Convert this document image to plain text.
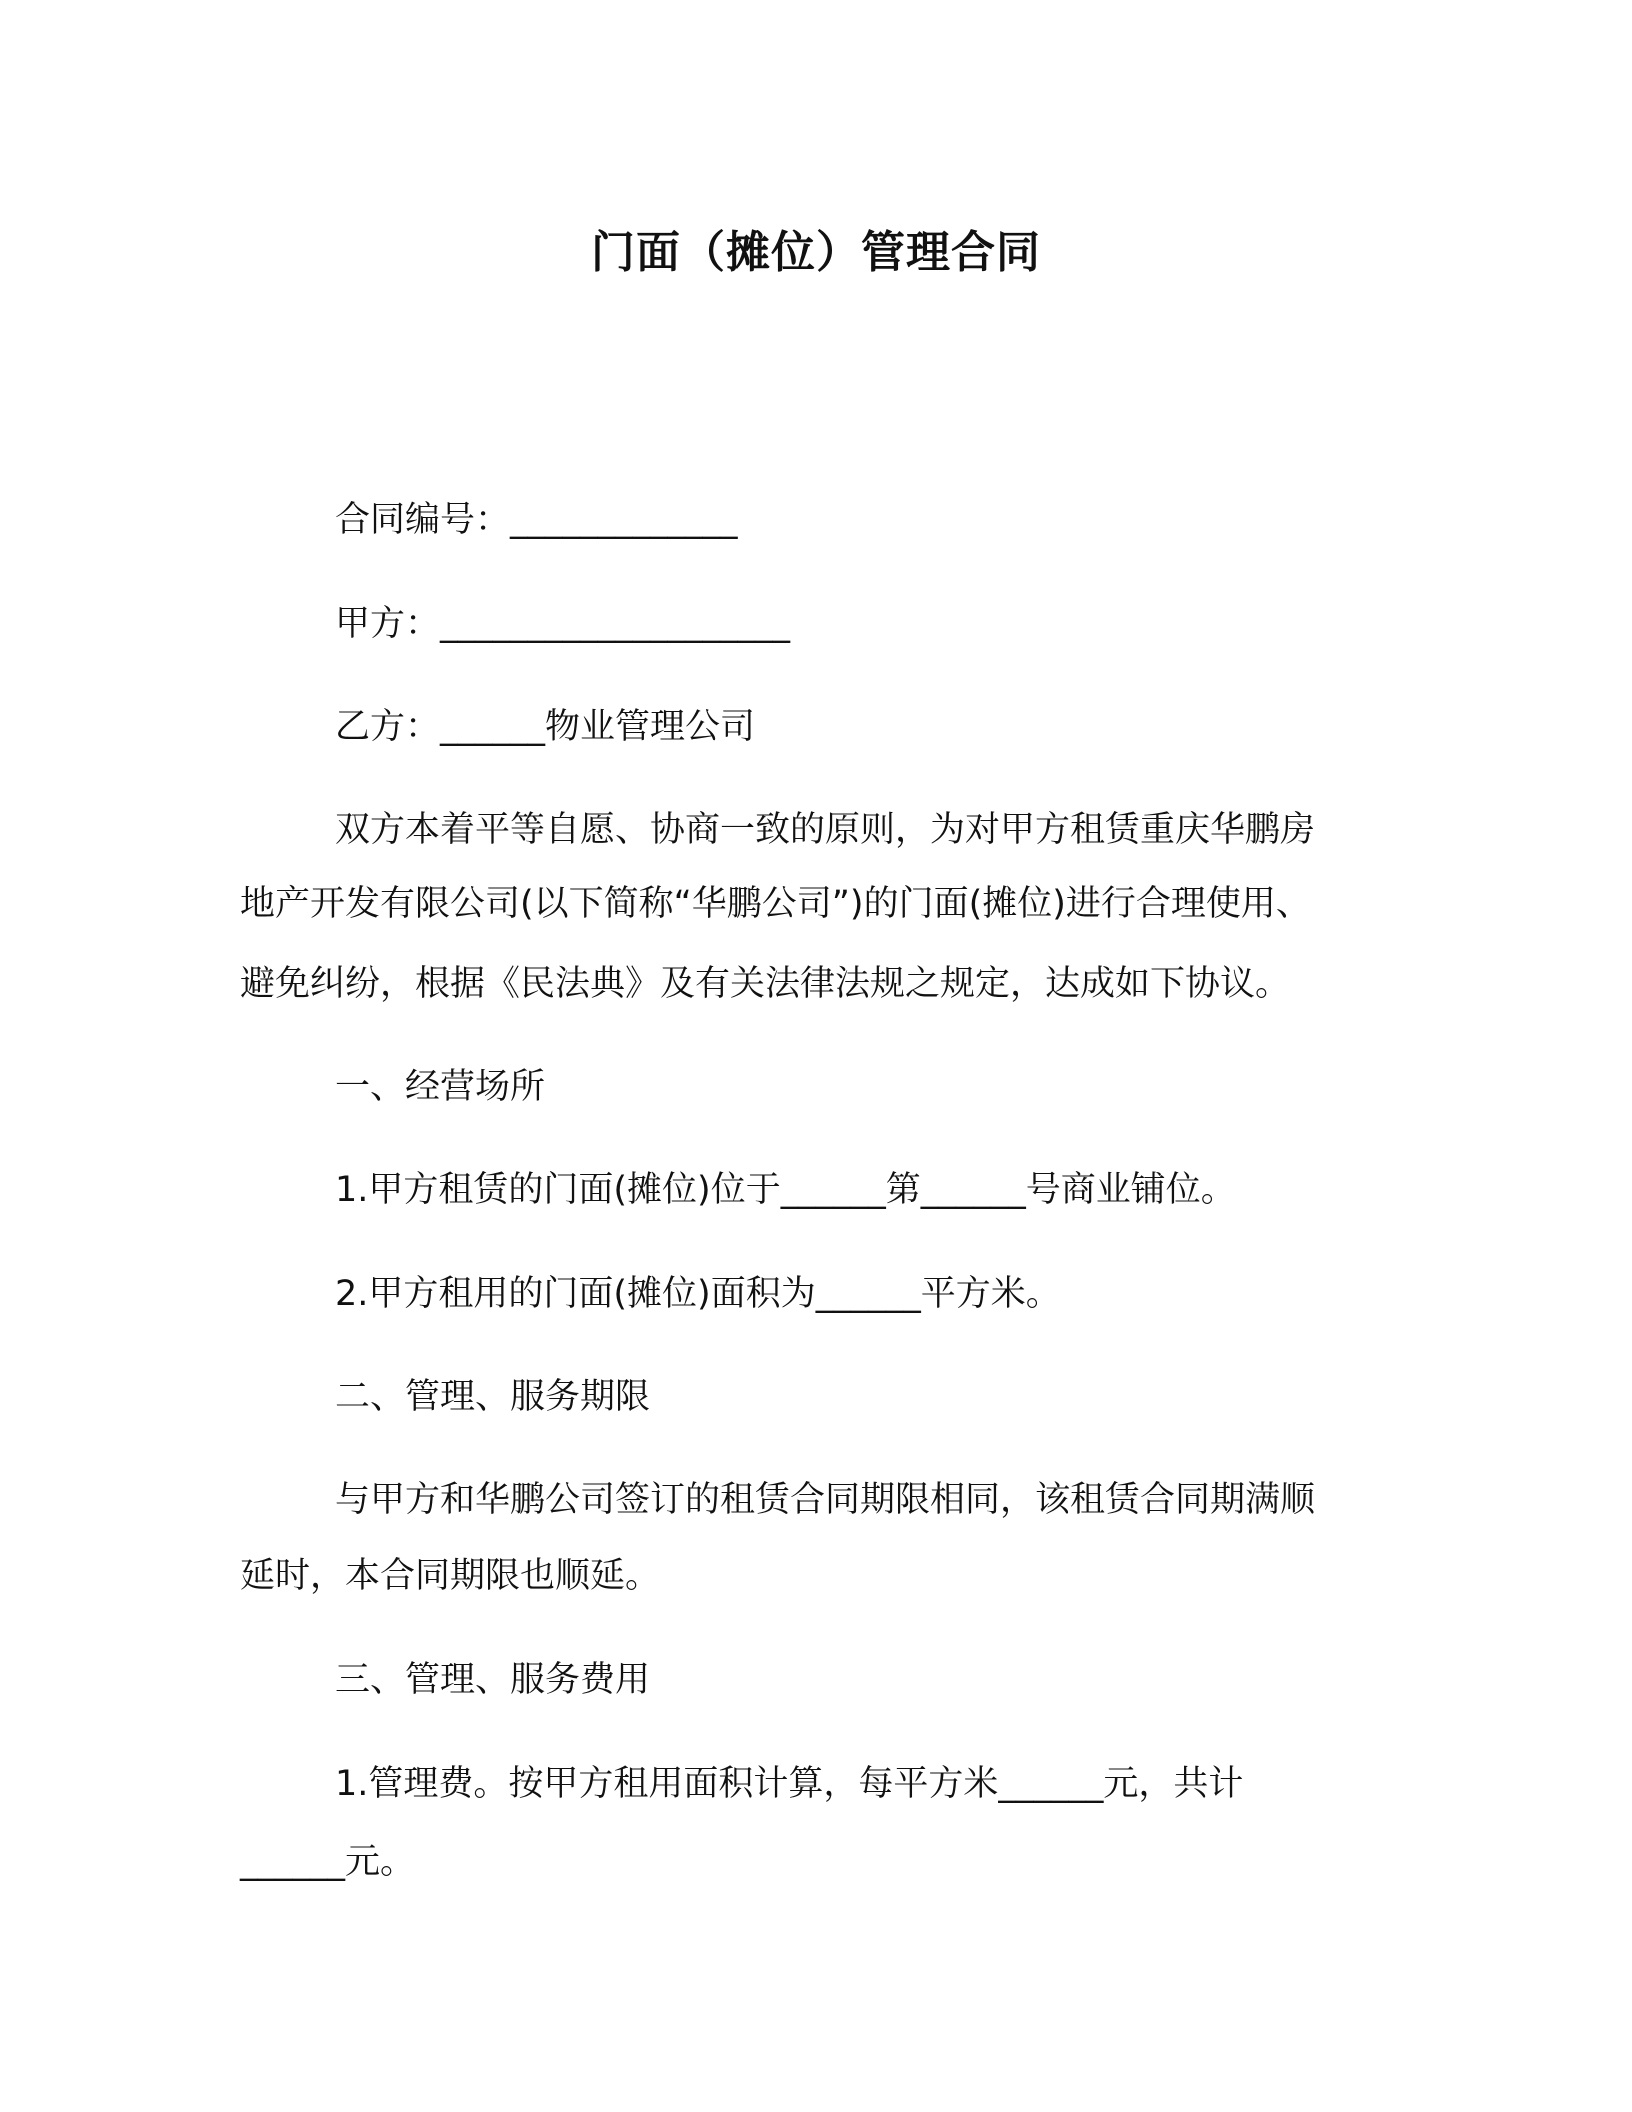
门面（摊位）管理合同

合同编号：_____________

甲方：____________________

乙方：______物业管理公司

双方本着平等自愿、协商一致的原则，为对甲方租赁重庆华鹏房

地产开发有限公司(以下简称“华鹏公司”)的门面(摊位)进行合理使用、

避免纠纷，根据《民法典》及有关法律法规之规定，达成如下协议。

一、经营场所

1.甲方租赁的门面(摊位)位于______第______号商业铺位。

2.甲方租用的门面(摊位)面积为______平方米。

二、管理、服务期限

与甲方和华鹏公司签订的租赁合同期限相同，该租赁合同期满顺

延时，本合同期限也顺延。

三、管理、服务费用

1.管理费。按甲方租用面积计算，每平方米______元，共计

______元。
